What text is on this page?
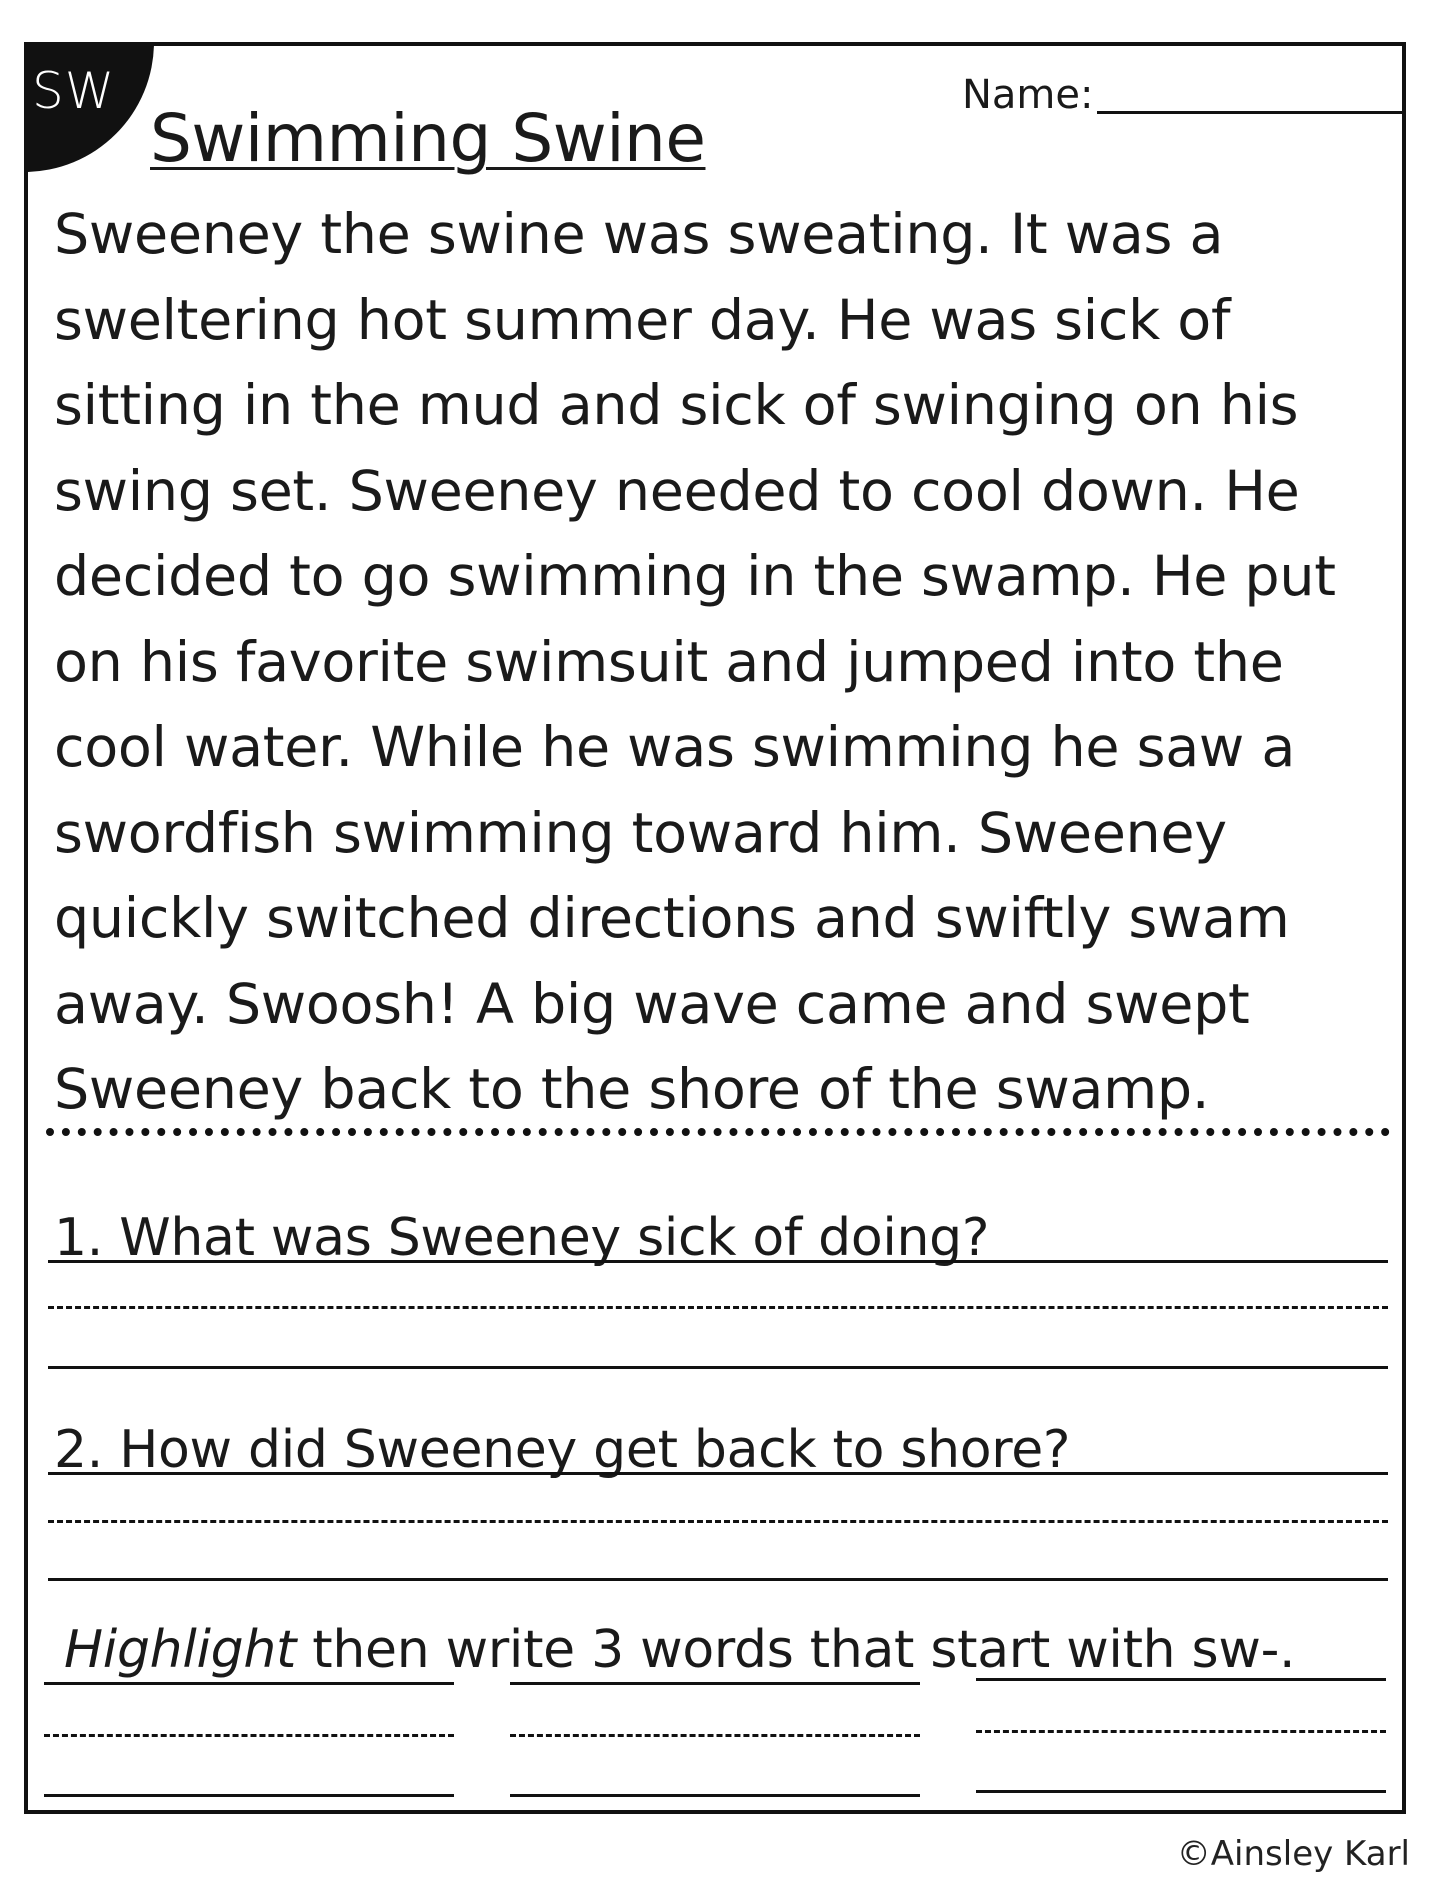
SW
Swimming Swine
Name:
Sweeney the swine was sweating. It was a
sweltering hot summer day. He was sick of
sitting in the mud and sick of swinging on his
swing set. Sweeney needed to cool down. He
decided to go swimming in the swamp. He put
on his favorite swimsuit and jumped into the
cool water. While he was swimming he saw a
swordfish swimming toward him. Sweeney
quickly switched directions and swiftly swam
away. Swoosh! A big wave came and swept
Sweeney back to the shore of the swamp.
1. What was Sweeney sick of doing?
2. How did Sweeney get back to shore?
Highlight then write 3 words that start with sw-.
©Ainsley Karl
